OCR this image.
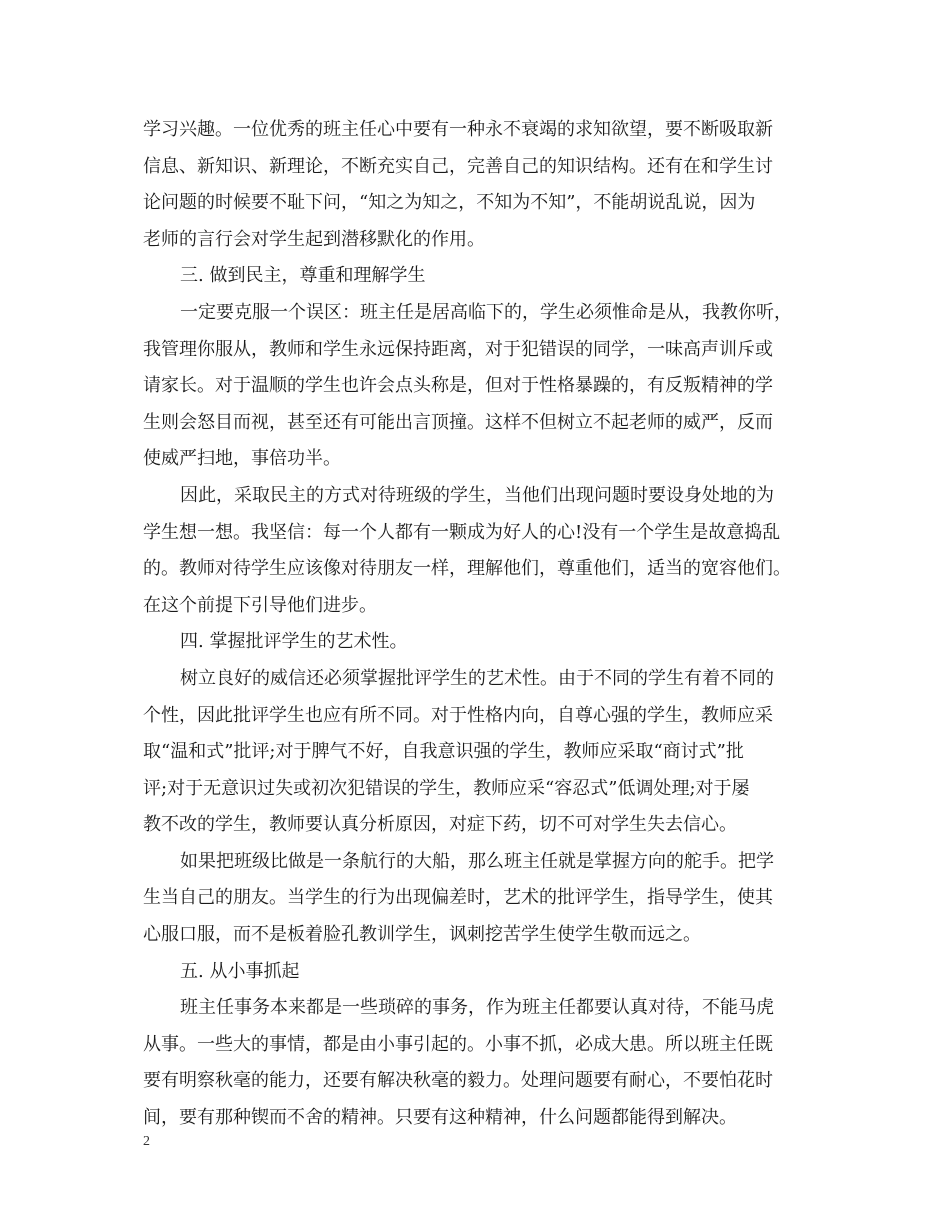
学习兴趣。一位优秀的班主任心中要有一种永不衰竭的求知欲望，要不断吸取新
信息、新知识、新理论，不断充实自己，完善自己的知识结构。还有在和学生讨
论问题的时候要不耻下问，“知之为知之，不知为不知”，不能胡说乱说，因为
老师的言行会对学生起到潜移默化的作用。
三. 做到民主，尊重和理解学生
一定要克服一个误区：班主任是居高临下的，学生必须惟命是从，我教你听，
我管理你服从，教师和学生永远保持距离，对于犯错误的同学，一味高声训斥或
请家长。对于温顺的学生也许会点头称是，但对于性格暴躁的，有反叛精神的学
生则会怒目而视，甚至还有可能出言顶撞。这样不但树立不起老师的威严，反而
使威严扫地，事倍功半。
因此，采取民主的方式对待班级的学生，当他们出现问题时要设身处地的为
学生想一想。我坚信：每一个人都有一颗成为好人的心!没有一个学生是故意捣乱
的。教师对待学生应该像对待朋友一样，理解他们，尊重他们，适当的宽容他们。
在这个前提下引导他们进步。
四. 掌握批评学生的艺术性。
树立良好的威信还必须掌握批评学生的艺术性。由于不同的学生有着不同的
个性，因此批评学生也应有所不同。对于性格内向，自尊心强的学生，教师应采
取“温和式”批评;对于脾气不好，自我意识强的学生，教师应采取“商讨式”批
评;对于无意识过失或初次犯错误的学生，教师应采“容忍式”低调处理;对于屡
教不改的学生，教师要认真分析原因，对症下药，切不可对学生失去信心。
如果把班级比做是一条航行的大船，那么班主任就是掌握方向的舵手。把学
生当自己的朋友。当学生的行为出现偏差时，艺术的批评学生，指导学生，使其
心服口服，而不是板着脸孔教训学生，讽刺挖苦学生使学生敬而远之。
五. 从小事抓起
班主任事务本来都是一些琐碎的事务，作为班主任都要认真对待，不能马虎
从事。一些大的事情，都是由小事引起的。小事不抓，必成大患。所以班主任既
要有明察秋毫的能力，还要有解决秋毫的毅力。处理问题要有耐心，不要怕花时
间，要有那种锲而不舍的精神。只要有这种精神，什么问题都能得到解决。
2
